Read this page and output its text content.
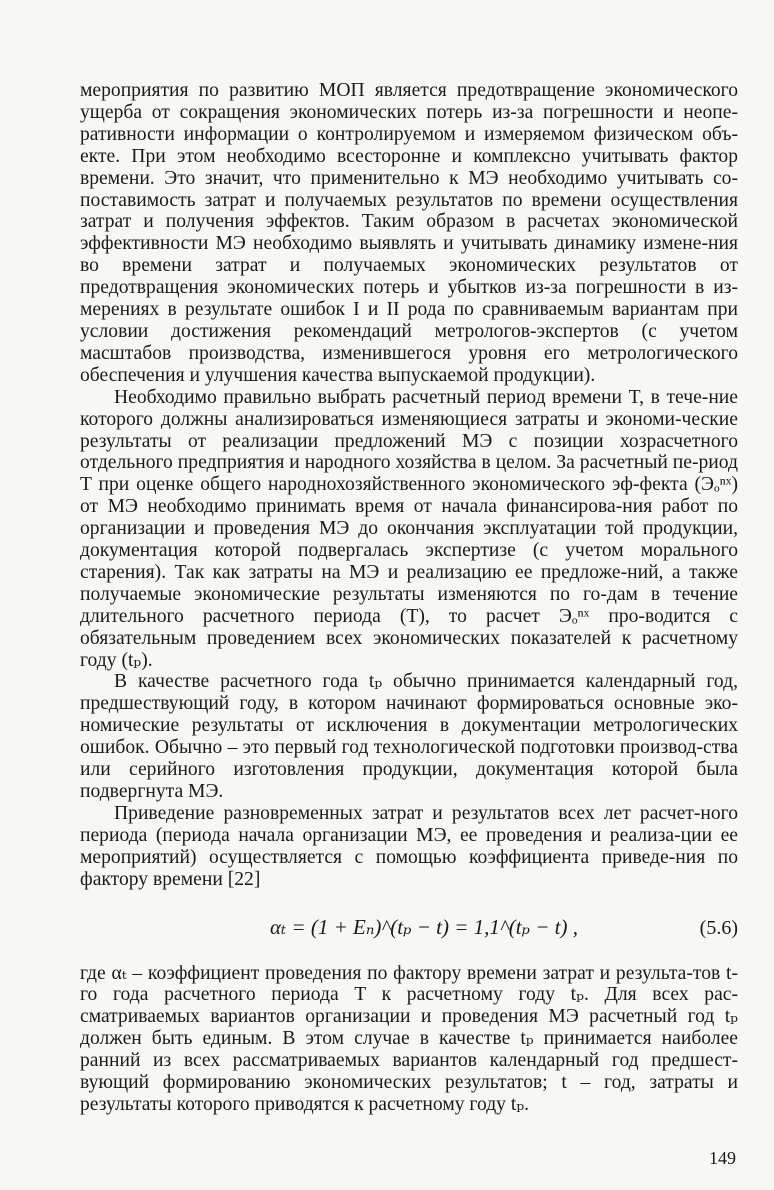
мероприятия по развитию МОП является предотвращение экономического ущерба от сокращения экономических потерь из-за погрешности и неопе-ративности информации о контролируемом и измеряемом физическом объ-екте. При этом необходимо всесторонне и комплексно учитывать фактор времени. Это значит, что применительно к МЭ необходимо учитывать со-поставимость затрат и получаемых результатов по времени осуществления затрат и получения эффектов. Таким образом в расчетах экономической эффективности МЭ необходимо выявлять и учитывать динамику измене-ния во времени затрат и получаемых экономических результатов от предотвращения экономических потерь и убытков из-за погрешности в из-мерениях в результате ошибок I и II рода по сравниваемым вариантам при условии достижения рекомендаций метрологов-экспертов (с учетом масштабов производства, изменившегося уровня его метрологического обеспечения и улучшения качества выпускаемой продукции).

Необходимо правильно выбрать расчетный период времени T, в тече-ние которого должны анализироваться изменяющиеся затраты и экономи-ческие результаты от реализации предложений МЭ с позиции хозрасчетного отдельного предприятия и народного хозяйства в целом. За расчетный пе-риод T при оценке общего народнохозяйственного экономического эф-фекта (Эₒⁿˣ) от МЭ необходимо принимать время от начала финансирова-ния работ по организации и проведения МЭ до окончания эксплуатации той продукции, документация которой подвергалась экспертизе (с учетом морального старения). Так как затраты на МЭ и реализацию ее предложе-ний, а также получаемые экономические результаты изменяются по го-дам в течение длительного расчетного периода (T), то расчет Эₒⁿˣ про-водится с обязательным проведением всех экономических показателей к расчетному году (tₚ).

В качестве расчетного года tₚ обычно принимается календарный год, предшествующий году, в котором начинают формироваться основные эко-номические результаты от исключения в документации метрологических ошибок. Обычно – это первый год технологической подготовки производ-ства или серийного изготовления продукции, документация которой была подвергнута МЭ.

Приведение разновременных затрат и результатов всех лет расчет-ного периода (периода начала организации МЭ, ее проведения и реализа-ции ее мероприятий) осуществляется с помощью коэффициента приведе-ния по фактору времени [22]

αₜ = (1 + Eₙ)^(tₚ − t) = 1,1^(tₚ − t) ,	(5.6)

где αₜ – коэффициент проведения по фактору времени затрат и результа-тов t-го года расчетного периода T к расчетному году tₚ. Для всех рас-сматриваемых вариантов организации и проведения МЭ расчетный год tₚ должен быть единым. В этом случае в качестве tₚ принимается наиболее ранний из всех рассматриваемых вариантов календарный год предшест-вующий формированию экономических результатов; t – год, затраты и результаты которого приводятся к расчетному году tₚ.

149
